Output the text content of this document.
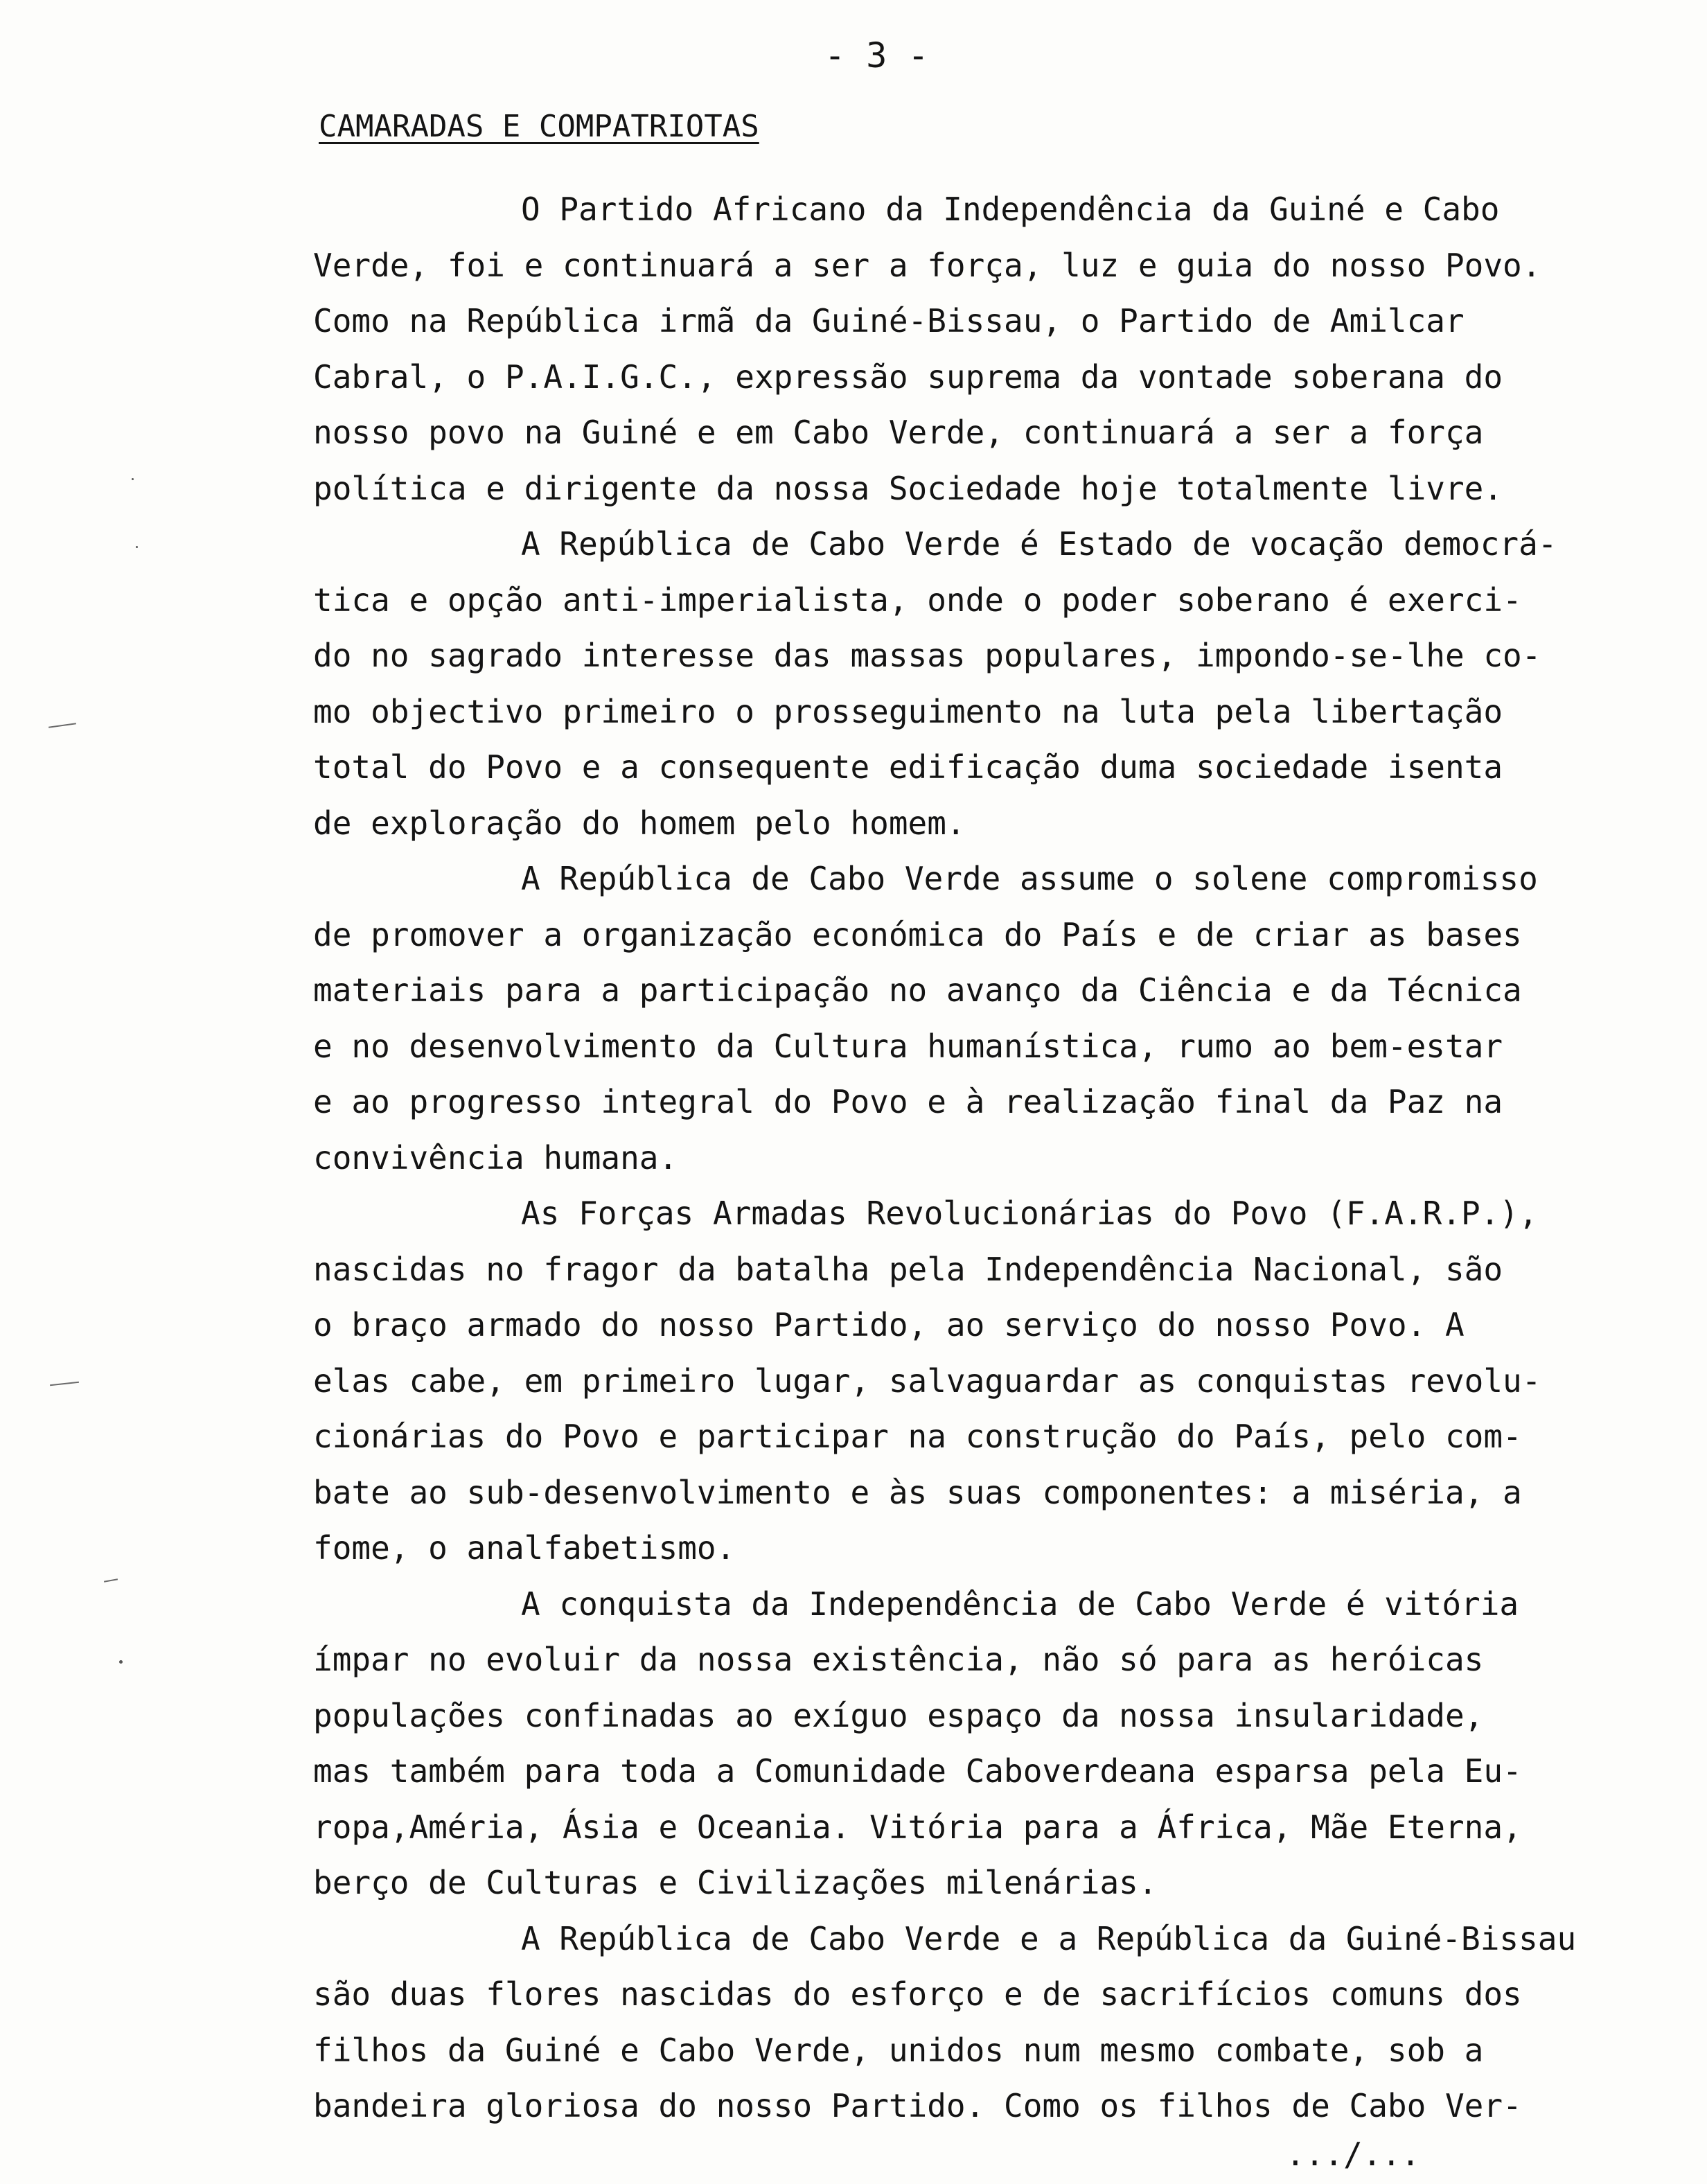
- 3 -
CAMARADAS E COMPATRIOTAS
O Partido Africano da Independência da Guiné e Cabo
Verde, foi e continuará a ser a força, luz e guia do nosso Povo.
Como na República irmã da Guiné-Bissau, o Partido de Amilcar
Cabral, o P.A.I.G.C., expressão suprema da vontade soberana do
nosso povo na Guiné e em Cabo Verde, continuará a ser a força
política e dirigente da nossa Sociedade hoje totalmente livre.
A República de Cabo Verde é Estado de vocação democrá-
tica e opção anti-imperialista, onde o poder soberano é exerci-
do no sagrado interesse das massas populares, impondo-se-lhe co-
mo objectivo primeiro o prosseguimento na luta pela libertação
total do Povo e a consequente edificação duma sociedade isenta
de exploração do homem pelo homem.
A República de Cabo Verde assume o solene compromisso
de promover a organização económica do País e de criar as bases
materiais para a participação no avanço da Ciência e da Técnica
e no desenvolvimento da Cultura humanística, rumo ao bem-estar
e ao progresso integral do Povo e à realização final da Paz na
convivência humana.
As Forças Armadas Revolucionárias do Povo (F.A.R.P.),
nascidas no fragor da batalha pela Independência Nacional, são
o braço armado do nosso Partido, ao serviço do nosso Povo. A
elas cabe, em primeiro lugar, salvaguardar as conquistas revolu-
cionárias do Povo e participar na construção do País, pelo com-
bate ao sub-desenvolvimento e às suas componentes: a miséria, a
fome, o analfabetismo.
A conquista da Independência de Cabo Verde é vitória
ímpar no evoluir da nossa existência, não só para as heróicas
populações confinadas ao exíguo espaço da nossa insularidade,
mas também para toda a Comunidade Caboverdeana esparsa pela Eu-
ropa,Améria, Ásia e Oceania. Vitória para a África, Mãe Eterna,
berço de Culturas e Civilizações milenárias.
A República de Cabo Verde e a República da Guiné-Bissau
são duas flores nascidas do esforço e de sacrifícios comuns dos
filhos da Guiné e Cabo Verde, unidos num mesmo combate, sob a
bandeira gloriosa do nosso Partido. Como os filhos de Cabo Ver-
.../...
